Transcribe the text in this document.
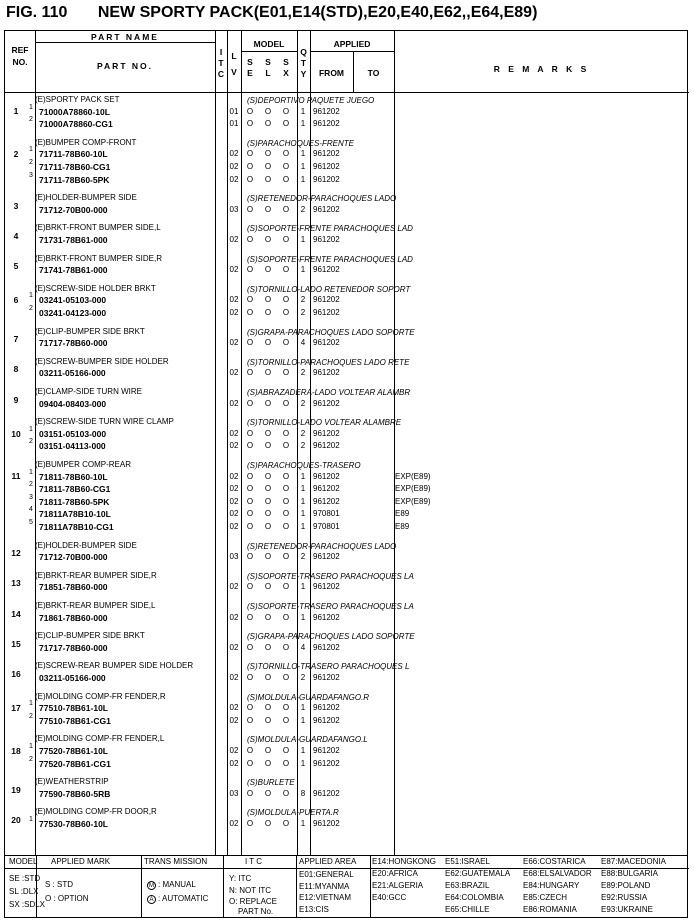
FIG. 110 NEW SPORTY PACK(E01,E14(STD),E20,E40,E62,,E64,E89)
PART NAME
PART NO.
REF
NO.
I
T
C
L
V
MODEL
S
E
S
L
S
X
Q
T
Y
APPLIED
FROM	TO	R E M A R K S
1
(E)SPORTY PACK SET	(S)DEPORTIVO PAQUETE JUEGO
1 71000A78860-10L	01	O	O	O	1 961202
2 71000A78860-CG1	01	O	O	O	1 961202
2
(E)BUMPER COMP-FRONT	(S)PARACHOQUES-FRENTE
1 71711-78B60-10L	02	O	O	O	1 961202
2 71711-78B60-CG1	02	O	O	O	1 961202
3 71711-78B60-5PK	02	O	O	O	1 961202
3
(E)HOLDER-BUMPER SIDE	(S)RETENEDOR-PARACHOQUES LADO
71712-70B00-000	03	O	O	O	2 961202
4
(E)BRKT-FRONT BUMPER SIDE,L	(S)SOPORTE-FRENTE PARACHOQUES LAD
71731-78B61-000	02	O	O	O	1 961202
5
(E)BRKT-FRONT BUMPER SIDE,R	(S)SOPORTE-FRENTE PARACHOQUES LAD
71741-78B61-000	02	O	O	O	1 961202
6
(E)SCREW-SIDE HOLDER BRKT	(S)TORNILLO-LADO RETENEDOR SOPORT
1 03241-05103-000	02	O	O	O	2 961202
2 03241-04123-000	02	O	O	O	2 961202
7
(E)CLIP-BUMPER SIDE BRKT	(S)GRAPA-PARACHOQUES LADO SOPORTE
71717-78B60-000	02	O	O	O	4 961202
8
(E)SCREW-BUMPER SIDE HOLDER	(S)TORNILLO-PARACHOQUES LADO RETE
03211-05166-000	02	O	O	O	2 961202
9
(E)CLAMP-SIDE TURN WIRE	(S)ABRAZADERA-LADO VOLTEAR ALAMBR
09404-08403-000	02	O	O	O	2 961202
10
(E)SCREW-SIDE TURN WIRE CLAMP	(S)TORNILLO-LADO VOLTEAR ALAMBRE
1 03151-05103-000	02	O	O	O	2 961202
2 03151-04113-000	02	O	O	O	2 961202
11
(E)BUMPER COMP-REAR	(S)PARACHOQUES-TRASERO
1 71811-78B60-10L	02	O	O	O	1 961202	EXP(E89)
2 71811-78B60-CG1	02	O	O	O	1 961202	EXP(E89)
3 71811-78B60-5PK	02	O	O	O	1 961202	EXP(E89)
4 71811A78B10-10L	02	O	O	O	1 970801	E89
5 71811A78B10-CG1	02	O	O	O	1 970801	E89
12
(E)HOLDER-BUMPER SIDE	(S)RETENEDOR-PARACHOQUES LADO
71712-70B00-000	03	O	O	O	2 961202
13
(E)BRKT-REAR BUMPER SIDE,R	(S)SOPORTE-TRASERO PARACHOQUES LA
71851-78B60-000	02	O	O	O	1 961202
14
(E)BRKT-REAR BUMPER SIDE,L	(S)SOPORTE-TRASERO PARACHOQUES LA
71861-78B60-000	02	O	O	O	1 961202
15
(E)CLIP-BUMPER SIDE BRKT	(S)GRAPA-PARACHOQUES LADO SOPORTE
71717-78B60-000	02	O	O	O	4 961202
16
(E)SCREW-REAR BUMPER SIDE HOLDER	(S)TORNILLO-TRASERO PARACHOQUES L
03211-05166-000	02	O	O	O	2 961202
17
(E)MOLDING COMP-FR FENDER,R	(S)MOLDULA-GUARDAFANGO.R
1 77510-78B61-10L	02	O	O	O	1 961202
2 77510-78B61-CG1	02	O	O	O	1 961202
18
(E)MOLDING COMP-FR FENDER,L	(S)MOLDULA-GUARDAFANGO.L
1 77520-78B61-10L	02	O	O	O	1 961202
2 77520-78B61-CG1	02	O	O	O	1 961202
19
(E)WEATHERSTRIP	(S)BURLETE
77590-78B60-5RB	03	O	O	O	8 961202
20
(E)MOLDING COMP-FR DOOR,R	(S)MOLDULA-PUERTA.R
1 77530-78B60-10L	02	O	O	O	1 961202
MODEL APPLIED MARK	TRANS MISSION	I T C	APPLIED AREA
SE :STD
SL :DLX
SX :SDLX
S : STD
O : OPTION
M : MANUAL
A : AUTOMATIC
Y: ITC
N: NOT ITC
O: REPLACE
PART No.
E01:GENERAL
E11:MYANMA
E12:VIETNAM
E13:CIS
E14:HONGKONG
E20:AFRICA
E21:ALGERIA
E40:GCC
E51:ISRAEL
E62:GUATEMALA
E63:BRAZIL
E64:COLOMBIA
E65:CHILLE
E66:COSTARICA
E68:ELSALVADOR
E84:HUNGARY
E85:CZECH
E86:ROMANIA
E87:MACEDONIA
E88:BULGARIA
E89:POLAND
E92:RUSSIA
E93:UKRAINE
